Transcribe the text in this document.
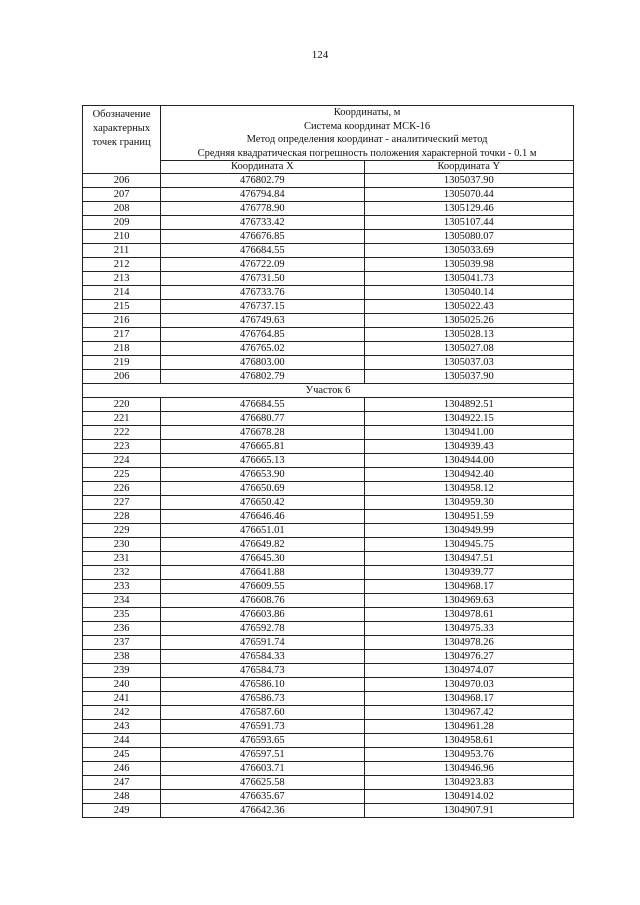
124
Обозначение характерных точек границ	Координаты, м
Система координат МСК-16
Метод определения координат - аналитический метод
Средняя квадратическая погрешность положения характерной точки - 0.1 м	

	Координата X	Координата Y
206	476802.79	1305037.90
207	476794.84	1305070.44
208	476778.90	1305129.46
209	476733.42	1305107.44
210	476676.85	1305080.07
211	476684.55	1305033.69
212	476722.09	1305039.98
213	476731.50	1305041.73
214	476733.76	1305040.14
215	476737.15	1305022.43
216	476749.63	1305025.26
217	476764.85	1305028.13
218	476765.02	1305027.08
219	476803.00	1305037.03
206	476802.79	1305037.90
Участок 6		
220	476684.55	1304892.51
221	476680.77	1304922.15
222	476678.28	1304941.00
223	476665.81	1304939.43
224	476665.13	1304944.00
225	476653.90	1304942.40
226	476650.69	1304958.12
227	476650.42	1304959.30
228	476646.46	1304951.59
229	476651.01	1304949.99
230	476649.82	1304945.75
231	476645.30	1304947.51
232	476641.88	1304939.77
233	476609.55	1304968.17
234	476608.76	1304969.63
235	476603.86	1304978.61
236	476592.78	1304975.33
237	476591.74	1304978.26
238	476584.33	1304976.27
239	476584.73	1304974.07
240	476586.10	1304970.03
241	476586.73	1304968.17
242	476587.60	1304967.42
243	476591.73	1304961.28
244	476593.65	1304958.61
245	476597.51	1304953.76
246	476603.71	1304946.96
247	476625.58	1304923.83
248	476635.67	1304914.02
249	476642.36	1304907.91
